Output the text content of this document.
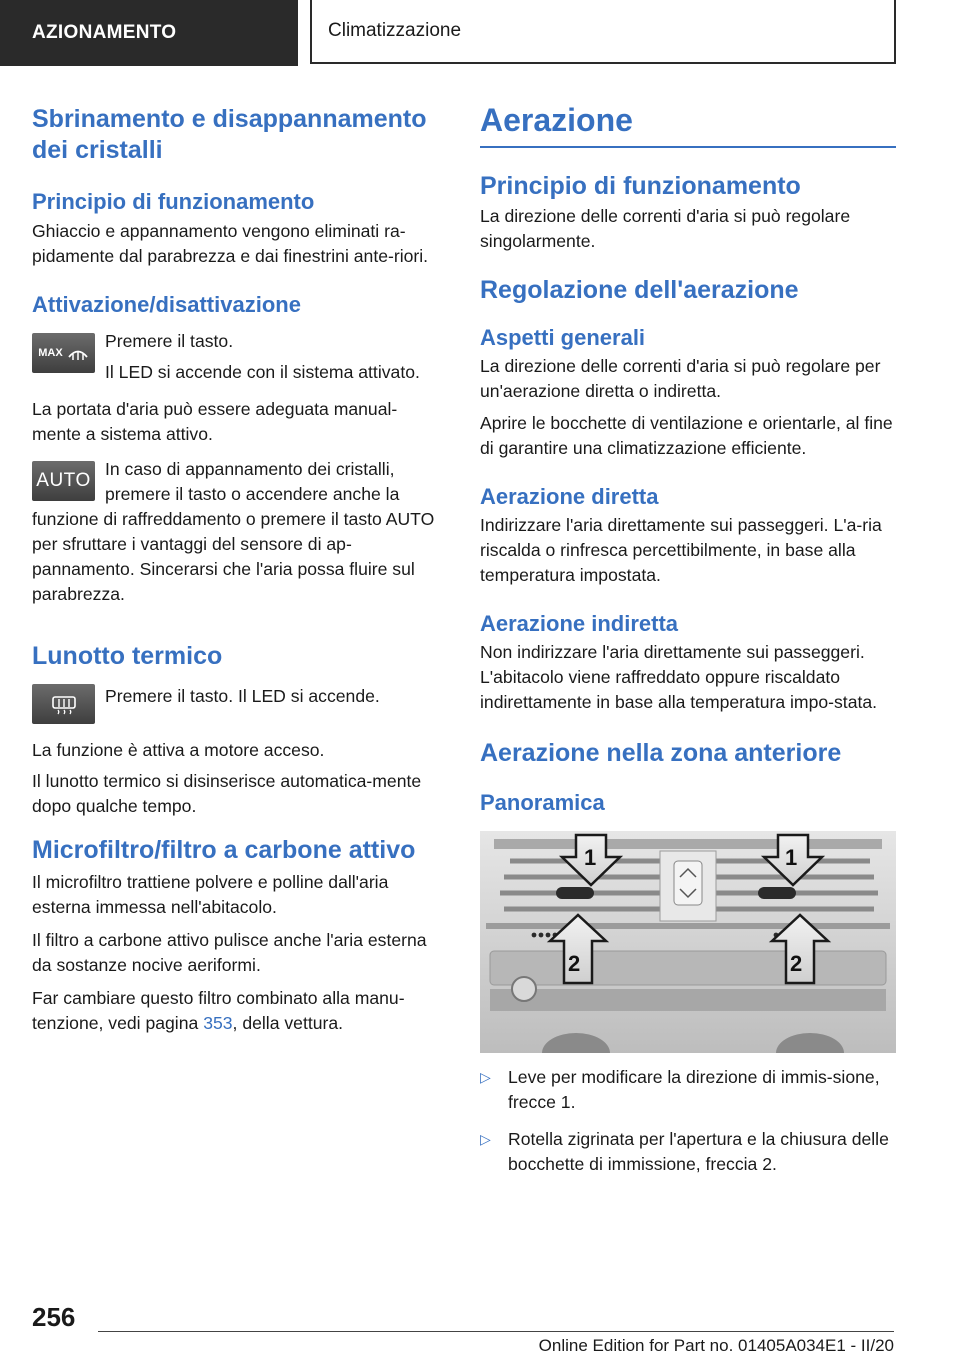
AZIONAMENTO	Climatizzazione
Sbrinamento e disappannamento dei cristalli
Principio di funzionamento

Ghiaccio e appannamento vengono eliminati ra-pidamente dal parabrezza e dai finestrini ante-riori.

Attivazione/disattivazione
MAX

Premere il tasto.

Il LED si accende con il sistema attivato.

La portata d'aria può essere adeguata manual-mente a sistema attivo.

AUTO

In caso di appannamento dei cristalli, premere il tasto o accendere anche la

funzione di raffreddamento o premere il tasto AUTO per sfruttare i vantaggi del sensore di ap-pannamento. Sincerarsi che l'aria possa fluire sul parabrezza.

Lunotto termico

Premere il tasto. Il LED si accende.

La funzione è attiva a motore acceso.

Il lunotto termico si disinserisce automatica-mente dopo qualche tempo.

Microfiltro/filtro a carbone attivo

Il microfiltro trattiene polvere e polline dall'aria esterna immessa nell'abitacolo.

Il filtro a carbone attivo pulisce anche l'aria esterna da sostanze nocive aeriformi.

Far cambiare questo filtro combinato alla manu-tenzione, vedi pagina 353, della vettura.

Aerazione
Principio di funzionamento

La direzione delle correnti d'aria si può regolare singolarmente.

Regolazione dell'aerazione
Aspetti generali

La direzione delle correnti d'aria si può regolare per un'aerazione diretta o indiretta.

Aprire le bocchette di ventilazione e orientarle, al fine di garantire una climatizzazione efficiente.

Aerazione diretta

Indirizzare l'aria direttamente sui passeggeri. L'a-ria riscalda o rinfresca percettibilmente, in base alla temperatura impostata.

Aerazione indiretta

Non indirizzare l'aria direttamente sui passeggeri. L'abitacolo viene raffreddato oppure riscaldato indirettamente in base alla temperatura impo-stata.

Aerazione nella zona anteriore
Panoramica
1	1
2	2
▷ Leve per modificare la direzione di immis-sione, frecce 1.

▷ Rotella zigrinata per l'apertura e la chiusura delle bocchette di immissione, freccia 2.

256
Online Edition for Part no. 01405A034E1 - II/20
